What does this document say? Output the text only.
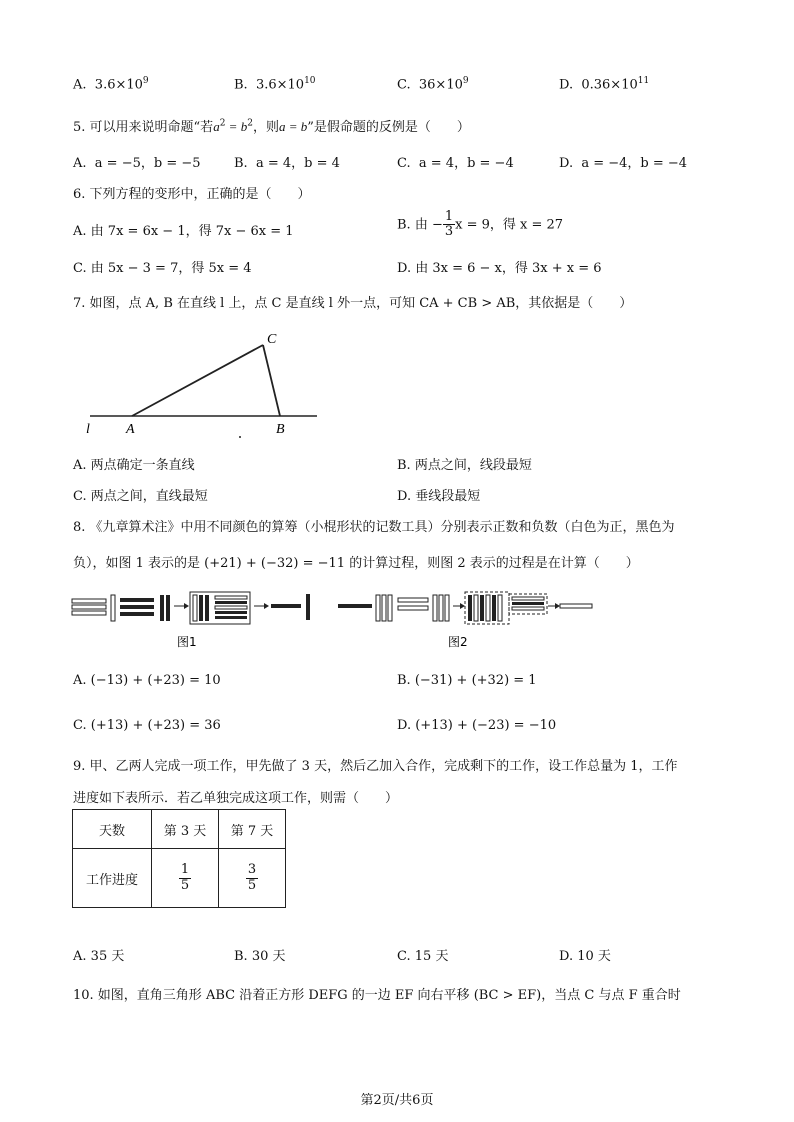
A. $3.6\times 10^9$	B. $3.6\times 10^{10}$	C. $36\times 10^9$	D. $0.36\times 10^{11}$
5. 可以用来说明命题“若$a^2 = b^2$，则a = b”是假命题的反例是（　　）
A. a = −5，b = −5	B. a = 4，b = 4	C. a = 4，b = −4	D. a = −4，b = −4
6. 下列方程的变形中，正确的是（　　）
A. 由 7x = 6x − 1，得 7x − 6x = 1	B. 由 − $\frac{1}{3}$ x = 9，得 x = 27
C. 由 5x − 3 = 7，得 5x = 4	D. 由 3x = 6 − x，得 3x + x = 6
7. 如图，点 A, B 在直线 l 上，点 C 是直线 l 外一点，可知 CA + CB > AB，其依据是（　　）
C
l	A	B
A. 两点确定一条直线	B. 两点之间，线段最短
C. 两点之间，直线最短	D. 垂线段最短
8. 《九章算术注》中用不同颜色的算筹（小棍形状的记数工具）分别表示正数和负数（白色为正，黑色为
负），如图 1 表示的是 (+21) + (−32) = −11 的计算过程，则图 2 表示的过程是在计算（　　）
图1	图2
A. (−13) + (+23) = 10	B. (−31) + (+32) = 1
C. (+13) + (+23) = 36	D. (+13) + (−23) = −10
9. 甲、乙两人完成一项工作，甲先做了 3 天，然后乙加入合作，完成剩下的工作，设工作总量为 1，工作
进度如下表所示．若乙单独完成这项工作，则需（　　）
天数	第 3 天	第 7 天
工作进度	$\frac{1}{5}$	$\frac{3}{5}$
A. 35 天	B. 30 天	C. 15 天	D. 10 天
10. 如图，直角三角形 ABC 沿着正方形 DEFG 的一边 EF 向右平移 (BC > EF)，当点 C 与点 F 重合时
第2页/共6页
